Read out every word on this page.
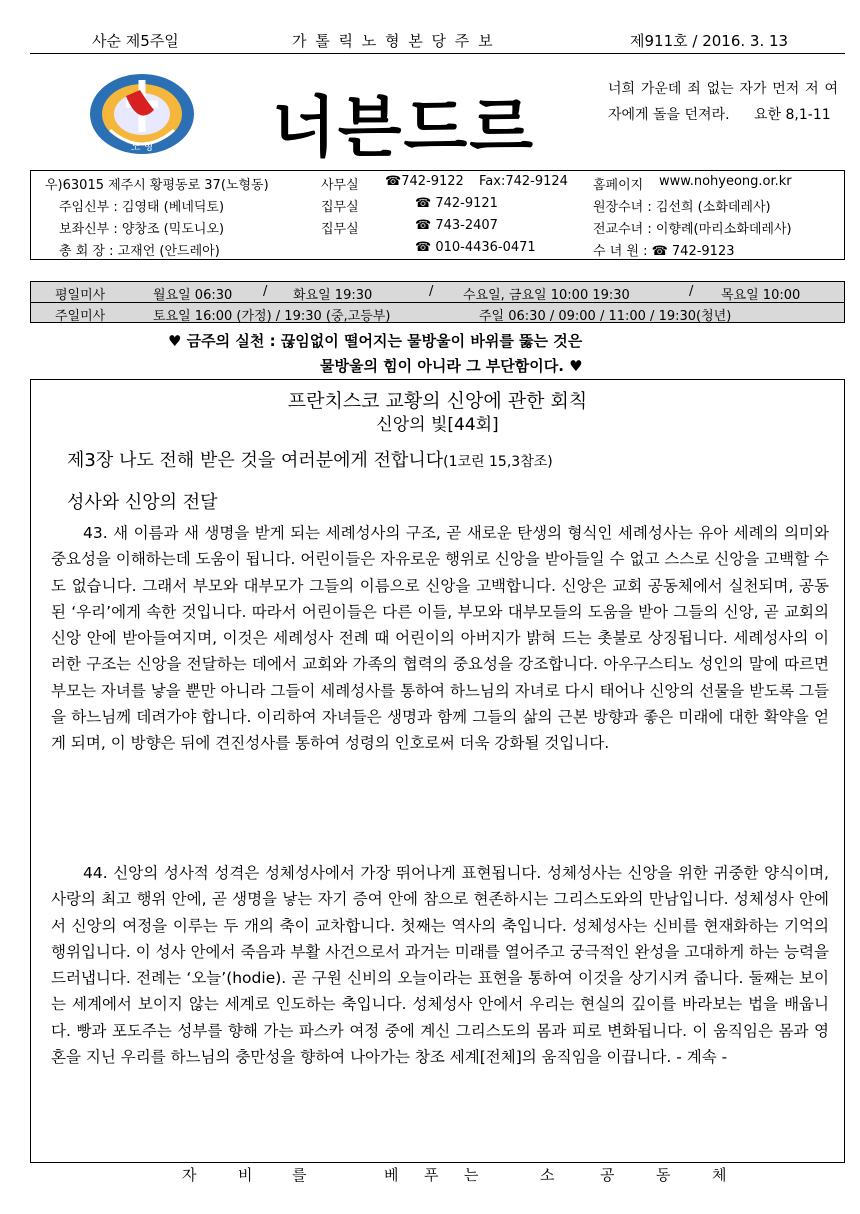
사순 제5주일	가 톨 릭 노 형 본 당 주 보	제911호 / 2016. 3. 13
노 형 너븐드르	너희 가운데 죄 없는 자가 먼저 저 여자에게 돌을 던져라. 요한 8,1-11
우)63015 제주시 황평동로 37(노형동)	사무실 ☎742-9122 Fax:742-9124 홈페이지 www.nohyeong.or.kr
주임신부 : 김영태 (베네딕토)	집무실	☎ 742-9121	원장수녀 : 김선희 (소화데레사)
보좌신부 : 양창조 (믹도니오)	집무실	☎ 743-2407	전교수녀 : 이향례(마리소화데레사)
총 회 장 : 고재언 (안드레아)	☎ 010-4436-0471	수 녀 원 : ☎ 742-9123
평일미사	월요일 06:30 / 화요일 19:30	/ 수요일, 금요일 10:00 19:30	/ 목요일 10:00
주일미사	토요일 16:00 (가정) / 19:30 (중,고등부)	주일 06:30 / 09:00 / 11:00 / 19:30(청년)
♥ 금주의 실천 : 끊임없이 떨어지는 물방울이 바위를 뚫는 것은
물방울의 힘이 아니라 그 부단함이다. ♥
프란치스코 교황의 신앙에 관한 회칙
신앙의 빛[44회]
제3장 나도 전해 받은 것을 여러분에게 전합니다(1코린 15,3참조)
성사와 신앙의 전달
43. 새 이름과 새 생명을 받게 되는 세례성사의 구조, 곧 새로운 탄생의 형식인 세례성사는 유아 세례의 의미와 중요성을 이해하는데 도움이 됩니다. 어린이들은 자유로운 행위로 신앙을 받아들일 수 없고 스스로 신앙을 고백할 수도 없습니다. 그래서 부모와 대부모가 그들의 이름으로 신앙을 고백합니다. 신앙은 교회 공동체에서 실천되며, 공동된 ‘우리’에게 속한 것입니다. 따라서 어린이들은 다른 이들, 부모와 대부모들의 도움을 받아 그들의 신앙, 곧 교회의 신앙 안에 받아들여지며, 이것은 세례성사 전례 때 어린이의 아버지가 밝혀 드는 촛불로 상징됩니다. 세례성사의 이러한 구조는 신앙을 전달하는 데에서 교회와 가족의 협력의 중요성을 강조합니다. 아우구스티노 성인의 말에 따르면 부모는 자녀를 낳을 뿐만 아니라 그들이 세례성사를 통하여 하느님의 자녀로 다시 태어나 신앙의 선물을 받도록 그들을 하느님께 데려가야 합니다. 이리하여 자녀들은 생명과 함께 그들의 삶의 근본 방향과 좋은 미래에 대한 확약을 얻게 되며, 이 방향은 뒤에 견진성사를 통하여 성령의 인호로써 더욱 강화될 것입니다.
44. 신앙의 성사적 성격은 성체성사에서 가장 뛰어나게 표현됩니다. 성체성사는 신앙을 위한 귀중한 양식이며, 사랑의 최고 행위 안에, 곧 생명을 낳는 자기 증여 안에 참으로 현존하시는 그리스도와의 만남입니다. 성체성사 안에서 신앙의 여정을 이루는 두 개의 축이 교차합니다. 첫째는 역사의 축입니다. 성체성사는 신비를 현재화하는 기억의 행위입니다. 이 성사 안에서 죽음과 부활 사건으로서 과거는 미래를 열어주고 궁극적인 완성을 고대하게 하는 능력을 드러냅니다. 전례는 ‘오늘’(hodie). 곧 구원 신비의 오늘이라는 표현을 통하여 이것을 상기시켜 줍니다. 둘째는 보이는 세계에서 보이지 않는 세계로 인도하는 축입니다. 성체성사 안에서 우리는 현실의 깊이를 바라보는 법을 배웁니다. 빵과 포도주는 성부를 향해 가는 파스카 여정 중에 계신 그리스도의 몸과 피로 변화됩니다. 이 움직임은 몸과 영혼을 지닌 우리를 하느님의 충만성을 향하여 나아가는 창조 세계[전체]의 움직임을 이끕니다. - 계속 -
자	비	를	베 푸 는	소	공	동	체
